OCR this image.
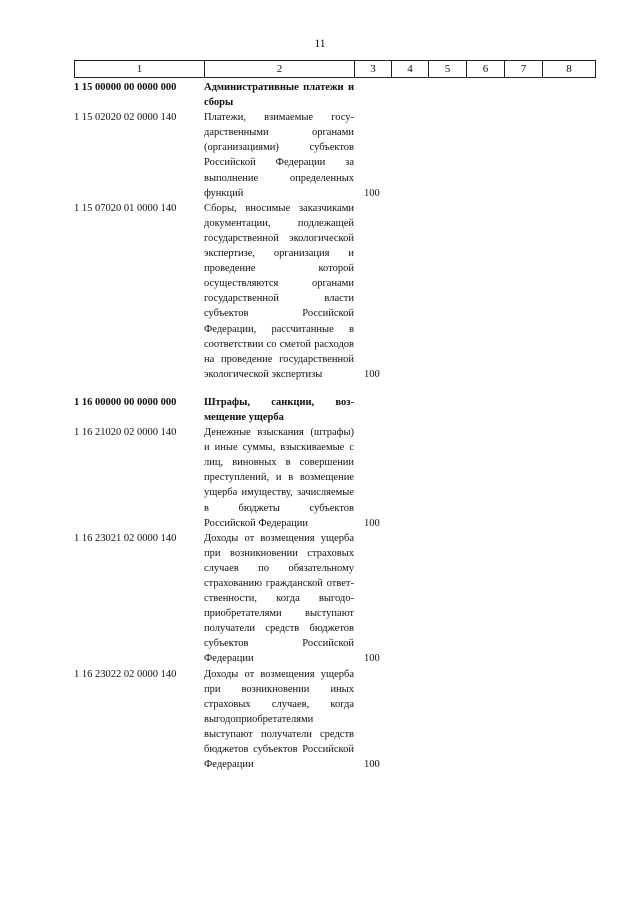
11
1	2	3	4	5	6	7	8
1 15 00000 00 0000 000	Административные платежи и сборы
1 15 02020 02 0000 140	Платежи, взимаемые государственными органами (организациями) субъектов Российской Федерации за выполнение определенных функций	100
1 15 07020 01 0000 140	Сборы, вносимые заказчиками документации, подлежащей государственной экологической экспертизе, организация и проведение которой осуществляются органами государственной власти субъектов Российской Федерации, рассчитанные в соответствии со сметой расходов на проведение государственной экологической экспертизы	100
1 16 00000 00 0000 000	Штрафы, санкции, возмещение ущерба
1 16 21020 02 0000 140	Денежные взыскания (штрафы) и иные суммы, взыскиваемые с лиц, виновных в совершении преступлений, и в возмещение ущерба имуществу, зачисляемые в бюджеты субъектов Российской Федерации	100
1 16 23021 02 0000 140	Доходы от возмещения ущерба при возникновении страховых случаев по обязательному страхованию гражданской ответственности, когда выгодоприобретателями выступают получатели средств бюджетов субъектов Российской Федерации	100
1 16 23022 02 0000 140	Доходы от возмещения ущерба при возникновении иных страховых случаев, когда выгодоприобретателями выступают получатели средств бюджетов субъектов Российской Федерации	100
